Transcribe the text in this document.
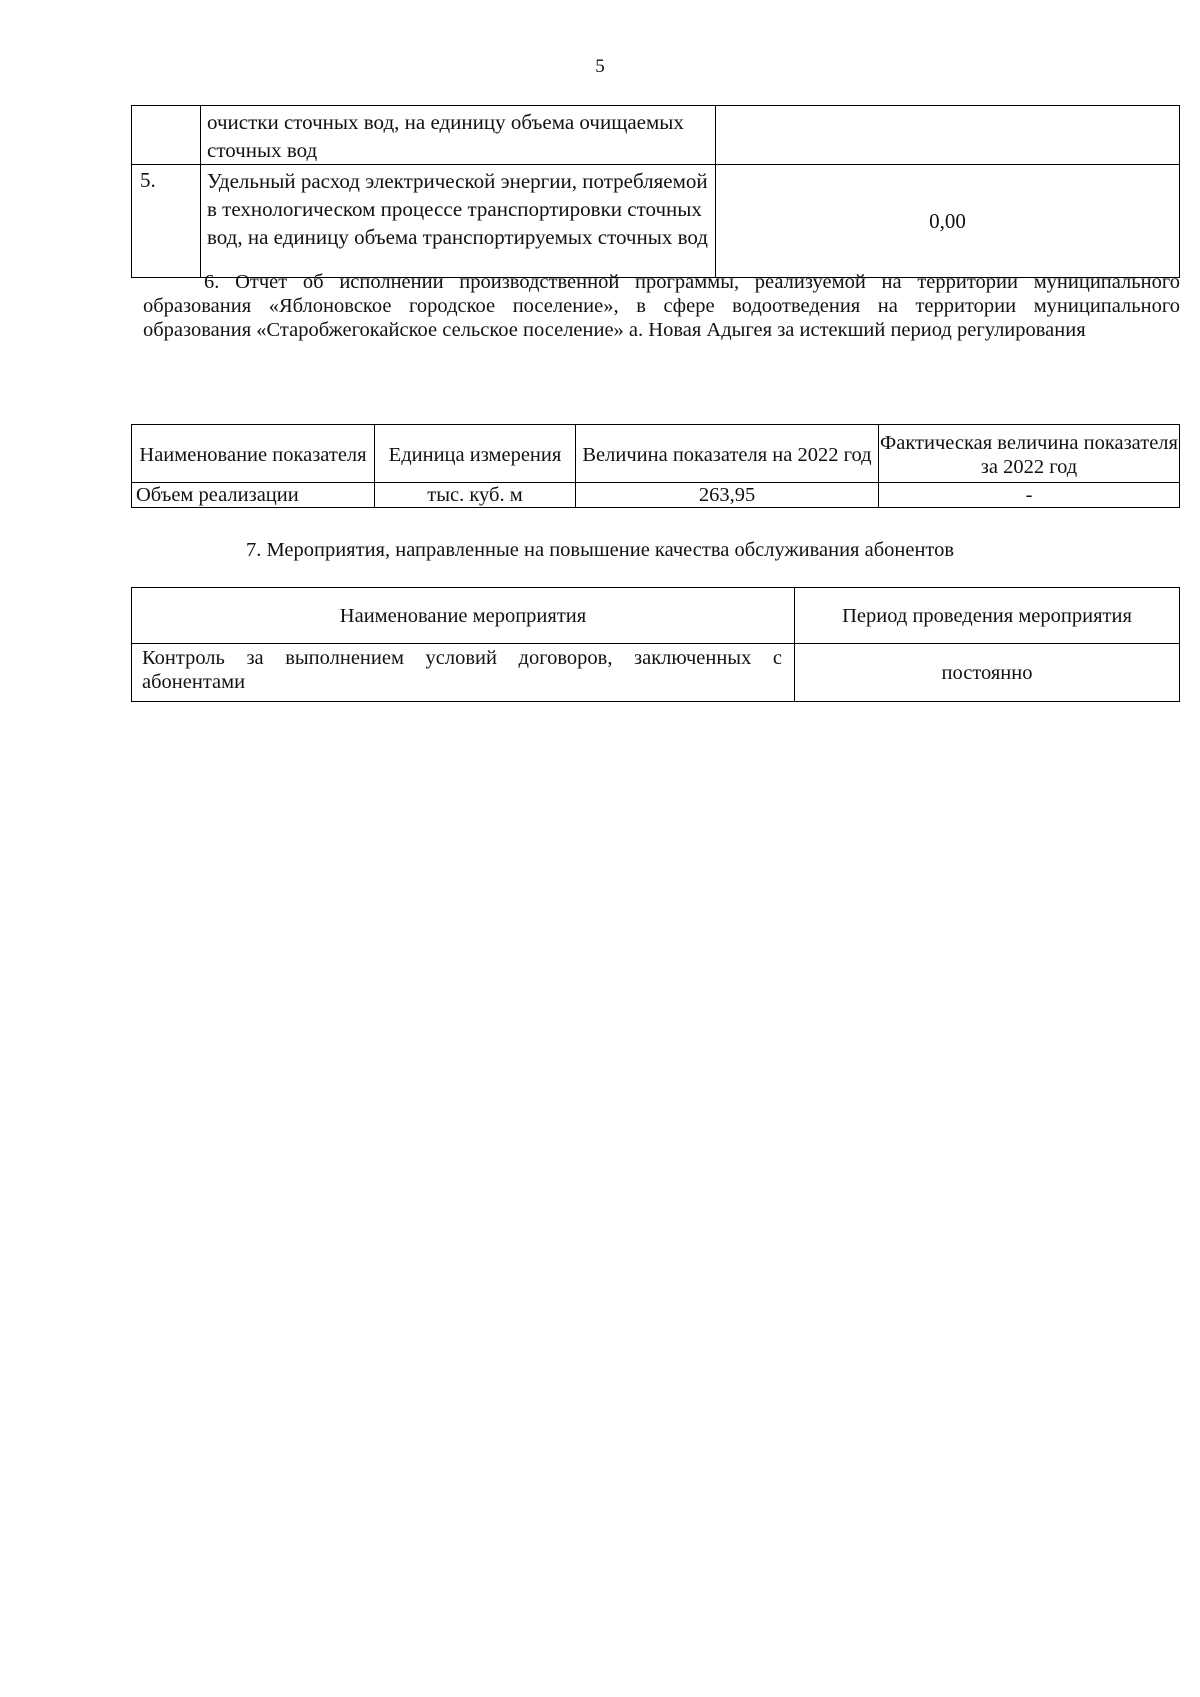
5
	очистки сточных вод, на единицу объема очищаемых сточных вод	
5.	Удельный расход электрической энергии, потребляемой в технологическом процессе транспортировки сточных вод, на единицу объема транспортируемых сточных вод	0,00
6. Отчет об исполнении производственной программы, реализуемой на территории муниципального образования «Яблоновское городское поселение», в сфере водоотведения на территории муниципального образования «Старобжегокайское сельское поселение» а. Новая Адыгея за истекший период регулирования
Наименование показателя	Единица измерения	Величина показателя на 2022 год	Фактическая величина показателя за 2022 год
Объем реализации	тыс. куб. м	263,95	-
7. Мероприятия, направленные на повышение качества обслуживания абонентов
Наименование мероприятия	Период проведения мероприятия

Контроль за выполнением условий договоров, заключенных с абонентами	постоянно
